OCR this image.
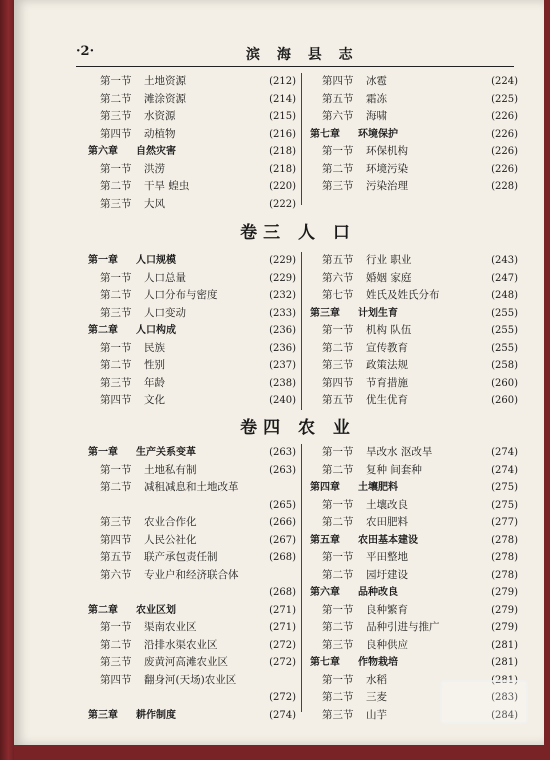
·2·	滨 海 县 志
第一节 土地资源	(212)
第二节 滩涂资源	(214)
第三节 水资源	(215)
第四节 动植物	(216)
第六章 自然灾害	(218)
第一节 洪涝	(218)
第二节 干旱 蝗虫	(220)
第三节 大风	(222)
第四节 冰雹	(224)
第五节 霜冻	(225)
第六节 海啸	(226)
第七章 环境保护	(226)
第一节 环保机构	(226)
第二节 环境污染	(226)
第三节 污染治理	(228)
卷三 人 口
第一章 人口规模	(229)
第一节 人口总量	(229)
第二节 人口分布与密度	(232)
第三节 人口变动	(233)
第二章 人口构成	(236)
第一节 民族	(236)
第二节 性别	(237)
第三节 年龄	(238)
第四节 文化	(240)
第五节 行业 职业	(243)
第六节 婚姻 家庭	(247)
第七节 姓氏及姓氏分布	(248)
第三章 计划生育	(255)
第一节 机构 队伍	(255)
第二节 宣传教育	(255)
第三节 政策法规	(258)
第四节 节育措施	(260)
第五节 优生优育	(260)
卷四 农 业
第一章 生产关系变革	(263)
第一节 土地私有制	(263)
第二节 减租减息和土地改革
(265)
第三节 农业合作化	(266)
第四节 人民公社化	(267)
第五节 联产承包责任制	(268)
第六节 专业户和经济联合体
(268)
第二章 农业区划	(271)
第一节 渠南农业区	(271)
第二节 沿排水渠农业区	(272)
第三节 废黄河高滩农业区	(272)
第四节 翻身河(天场)农业区
(272)
第三章 耕作制度	(274)
第一节 旱改水 沤改旱	(274)
第二节 复种 间套种	(274)
第四章 土壤肥料	(275)
第一节 土壤改良	(275)
第二节 农田肥料	(277)
第五章 农田基本建设	(278)
第一节 平田整地	(278)
第二节 园圩建设	(278)
第六章 品种改良	(279)
第一节 良种繁育	(279)
第二节 品种引进与推广	(279)
第三节 良种供应	(281)
第七章 作物栽培	(281)
第一节 水稻	(281)
第二节 三麦	(283)
第三节 山芋	(284)
